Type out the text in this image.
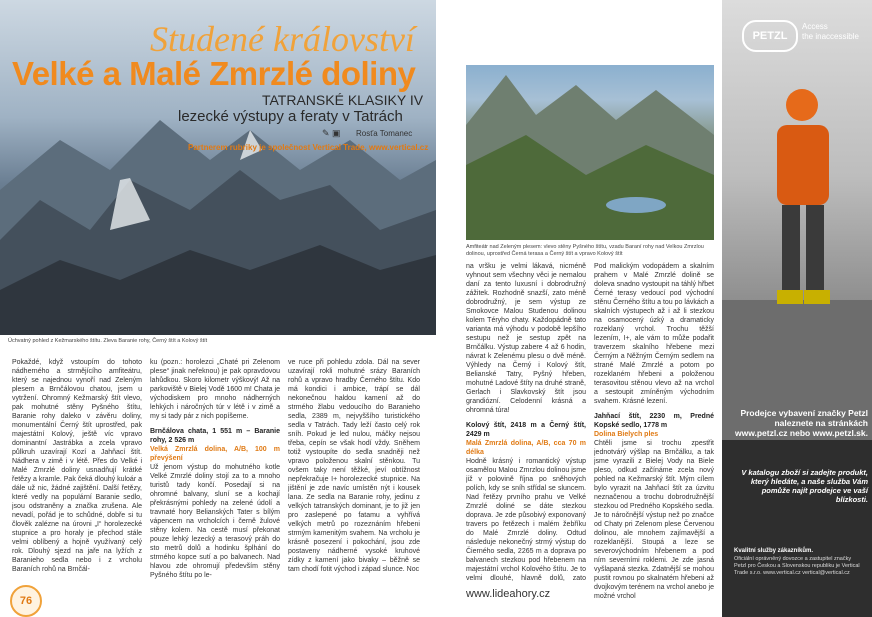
Studené království
Velké a Malé Zmrzlé doliny
TATRANSKÉ KLASIKY IV
lezecké výstupy a feraty v Tatrách
✎ ▣ Rosťa Tomanec
Partnerem rubriky je společnost Vertical Trade, www.vertical.cz
Úchvatný pohled z Kežmarského štítu. Zleva Baranie rohy, Černý štít a Kolový štít
Pokaždé, když vstoupím do tohoto nádherného a strmějícího amfiteátru, který se najednou vynoří nad Zeleným plesem a Brnčálovou chatou, jsem u vytržení. Ohromný Kežmarský štít vlevo, pak mohutné stěny Pyšného štítu, Baranie rohy daleko v závěru doliny, monumentální Černý štít uprostřed, pak majestátní Kolový, ještě víc vpravo dominantní Jastrábka a zcela vpravo půlkruh uzavírají Kozí a Jahňací štít. Nádhera v zimě i v létě. Přes do Velké i Malé Zmrzlé doliny usnadňují krátké řetězy a kramle. Pak čeká dlouhý kuloár a dále už nic, žádné zajištění. Další řetězy, které vedly na populární Baranie sedlo, jsou odstraněny a značka zrušena. Ale nevadí, pořád je to schůdné, dobře si tu člověk zalézne na úrovni „I“ horolezecké stupnice a pro horaly je přechod stále velmi oblíbený a hojně využívaný celý rok. Dlouhý sjezd na jaře na lyžích z Baranieho sedla nebo i z vrcholu Baraních rohů na Brnčál-
ku (pozn.: horolezci „Chaté pri Zelenom plese“ jinak neřeknou) je pak opravdovou lahůdkou. Skoro kilometr výškový! Až na parkoviště v Bielej Vodě 1600 m! Chata je východiskem pro mnoho nádherných lehkých i náročných túr v létě i v zimě a my si tady pár z nich popíšeme.
Brnčálova chata, 1 551 m – Baranie rohy, 2 526 m
Velká Zmrzlá dolina, A/B, 100 m převýšení
Už jenom výstup do mohutného kotle Velké Zmrzlé doliny stojí za to a mnoho turistů tady končí. Posedají si na ohromné balvany, sluní se a kochají překrásnými pohledy na zelené údolí a travnaté hory Belianských Tater s bílým vápencem na vrcholcích i černě žulové stěny kolem. Na cestě musí překonat pouze lehký lezecký a terasový práh do sto metrů dolů a hodinku šplhání do strmého kopce sutí a po balvanech. Nad hlavou zde ohromují především stěny Pyšného štítu po le-
ve ruce při pohledu zdola. Dál na sever uzavírají rokli mohutné srázy Baraních rohů a vpravo hradby Černého štítu. Kdo má kondici i ambice, trápí se dál nekonečnou haldou kamení až do strmého žlabu vedoucího do Baranieho sedla, 2389 m, nejvyššího turistického sedla v Tatrách. Tady leží často celý rok sníh. Pokud je led nulou, máčky nejsou třeba, cepín se však hodí vždy. Sněhem totiž vystoupíte do sedla snadněji než vpravo položenou skalní stěnkou. Tu ovšem taky není těžké, jeví obtížnost nepřekračuje I+ horolezecké stupnice. Na jištění je zde navíc umístěn nýt i kousek lana. Ze sedla na Baranie rohy, jedinu z velkých tatranských dominant, je to již jen pro zaslepené po fatamu a vyhřívá velkých metrů po rozeznáním hřebeni strmým kamenitým svahem. Na vrcholu je krásně posezení i pokochání, jsou zde postaveny nádherné vysoké kruhové zídky z kamení jako bivaky – běžně se tam chodí fotit východ i západ slunce. Noc
76
Amfiteátr nad Zeleným plesem: vlevo stěny Pyšného štítu, vzadu Baraní rohy nad Velkou Zmrzlou dolinou, uprostřed Černá terasa a Černý štít a vpravo Kolový štít
na vršku je velmi lákavá, nicméně vyhnout sem všechny věci je nemalou daní za tento luxusní i dobrodružný zážitek. Rozhodně snazší, zato méně dobrodružný, je sem výstup ze Smokovce Malou Studenou dolinou kolem Téryho chaty. Každopádně tato varianta má výhodu v podobě lepšího sestupu než je sestup zpět na Brnčálku. Výstup zabere 4 až 6 hodin, návrat k Zelenému plesu o dvě méně. Výhledy na Černý i Kolový štít, Belianské Tatry, Pyšný hřeben, mohutné Ladové štíty na druhé straně, Gerlach i Slavkovský štít jsou grandiózní. Celodenní krásná a ohromná túra!
Kolový štít, 2418 m a Černý štít, 2429 m
Malá Zmrzlá dolina, A/B, cca 70 m délka
Hodně krásný i romantický výstup osamělou Malou Zmrzlou dolinou jsme již v polovině října po sněhových polích, kdy se sníh střídal se sluncem. Nad řetězy prvního prahu ve Velké Zmrzlé doliné se dáte stezkou doprava. Je zde působivý exponovaný travers po řetězech i malém žebříku do Malé Zmrzlé doliny. Odtud následuje nekonečný strmý výstup do Čierného sedla, 2265 m a doprava po balvanech stezkou pod hřebenem na majestátní vrchol Kolového štítu. Je to velmi dlouhé, hlavně dolů, zato
Pod malickým vodopádem a skalním prahem v Malé Zmrzlé dolině se doleva snadno vystoupit na táhlý hřbet Černé terasy vedoucí pod východní stěnu Černého štítu a tou po lávkách a skalních výstupech až i až li stezkou na osamocený úzký a dramaticky rozeklaný vrchol. Trochu těžší lezením, I+, ale vám to může podařit traverzem skalního hřebene mezi Černým a Něžným Černým sedlem na strané Malé Zmrzlé a potom po rozeklaném hřebeni a položenou terasovitou stěnou vlevo až na vrchol a sestoupit zmíněným východním svahem. Krásné lezení.
Jahňací štít, 2230 m, Predné Kopské sedlo, 1778 m
Dolina Bielych ples
Chtěli jsme si trochu zpestřit jednotvárý výšlap na Brnčálku, a tak jsme vyrazili z Bielej Vody na Biele pleso, odkud začínáme zcela nový pohled na Kežmarský štít. Mým cílem bylo vyrazit na Jahňací štít za úzvitu neznačenou a trochu dobrodružnější stezkou od Predného Kopského sedla. Je to náročnější výstup než po značce od Chaty pri Zelenom plese Červenou dolinou, ale mnohem zajímavější a rozeklanější. Stoupá a leze se severovýchodním hřebenem a pod ním severními roklemi. Je zde jasná vyšlapaná stezka. Zdatnější se mohou pustit rovnou po skalnatém hřebeni až dvojkovým terénem na vrchol anebo je možné vrchol
www.lideahory.cz
PETZL
Access
the inaccessible
Prodejce vybavení značky Petzl naleznete na stránkách www.petzl.cz nebo www.petzl.sk.
V katalogu zboží si zadejte produkt, který hledáte, a naše služba Vám pomůže najít prodejce ve vaší blízkosti.
Kvalitní služby zákazníkům.
Oficiální oprávněný dovozce a zastupitel značky Petzl pro Českou a Slovenskou republiku je Vertical Trade s.r.o. www.vertical.cz vertical@vertical.cz
